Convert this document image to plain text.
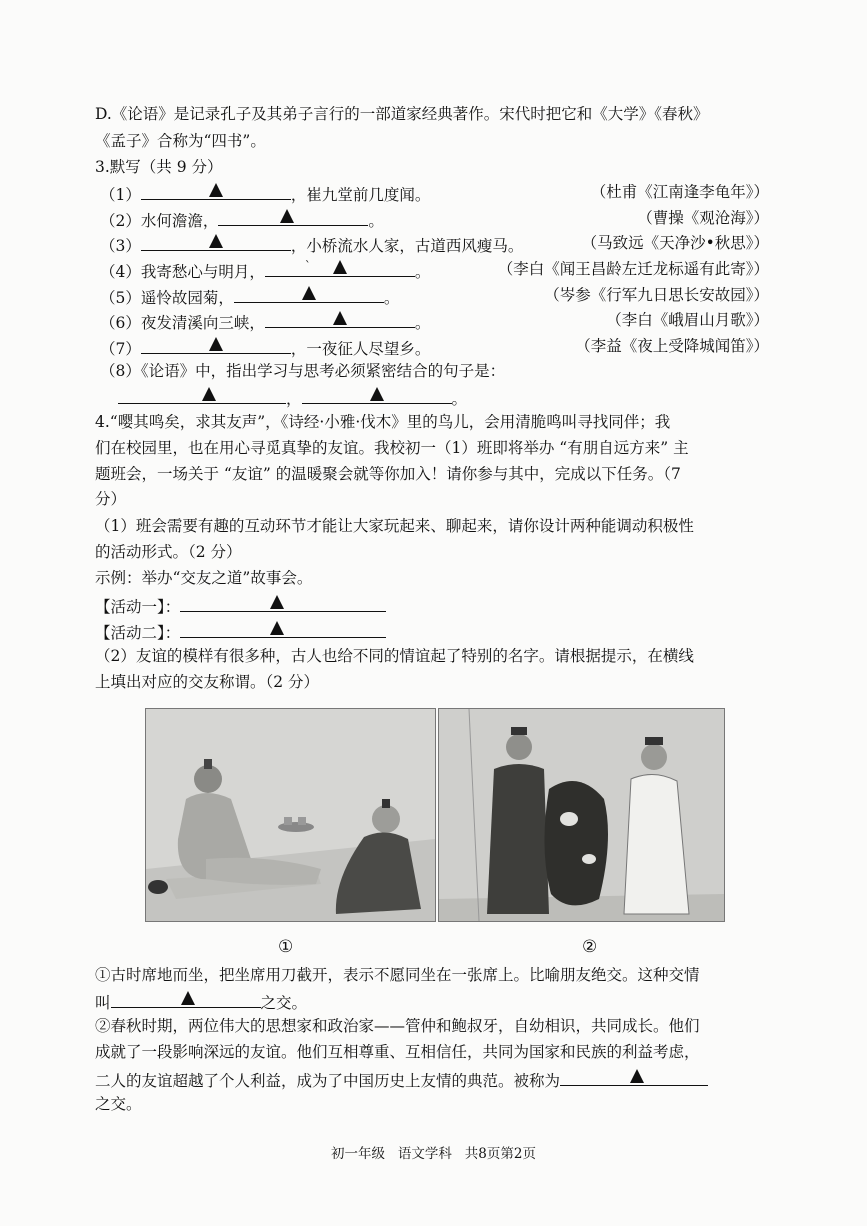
D.《论语》是记录孔子及其弟子言行的一部道家经典著作。宋代时把它和《大学》《春秋》
《孟子》合称为“四书”。
3.默写（共 9 分）
（1）	，崔九堂前几度闻。	（杜甫《江南逢李龟年》）
（2）水何澹澹，	。	（曹操《观沧海》）
（3）	，小桥流水人家，古道西风瘦马。	（马致远《天净沙•秋思》）
（4）我寄愁心与明月，	ˋ	。	（李白《闻王昌龄左迁龙标遥有此寄》）
（5）遥怜故园菊，	。	（岑参《行军九日思长安故园》）
（6）夜发清溪向三峡，	。	（李白《峨眉山月歌》）
（7）	，一夜征人尽望乡。	（李益《夜上受降城闻笛》）
（8）《论语》中，指出学习与思考必须紧密结合的句子是：
，	。
4.“嘤其鸣矣，求其友声”，《诗经·小雅·伐木》里的鸟儿，会用清脆鸣叫寻找同伴；我
们在校园里，也在用心寻觅真挚的友谊。我校初一（1）班即将举办 “有朋自远方来” 主
题班会，一场关于 “友谊” 的温暖聚会就等你加入！请你参与其中，完成以下任务。（7
分）
（1）班会需要有趣的互动环节才能让大家玩起来、聊起来，请你设计两种能调动积极性
的活动形式。（2 分）
示例：举办“交友之道”故事会。
【活动一】：
【活动二】：
（2）友谊的模样有很多种，古人也给不同的情谊起了特别的名字。请根据提示，在横线
上填出对应的交友称谓。（2 分）
①	②
①古时席地而坐，把坐席用刀截开，表示不愿同坐在一张席上。比喻朋友绝交。这种交情
叫	之交。
②春秋时期，两位伟大的思想家和政治家——管仲和鲍叔牙，自幼相识，共同成长。他们
成就了一段影响深远的友谊。他们互相尊重、互相信任，共同为国家和民族的利益考虑，
二人的友谊超越了个人利益，成为了中国历史上友情的典范。被称为
之交。
初一年级   语文学科   共8页第2页
